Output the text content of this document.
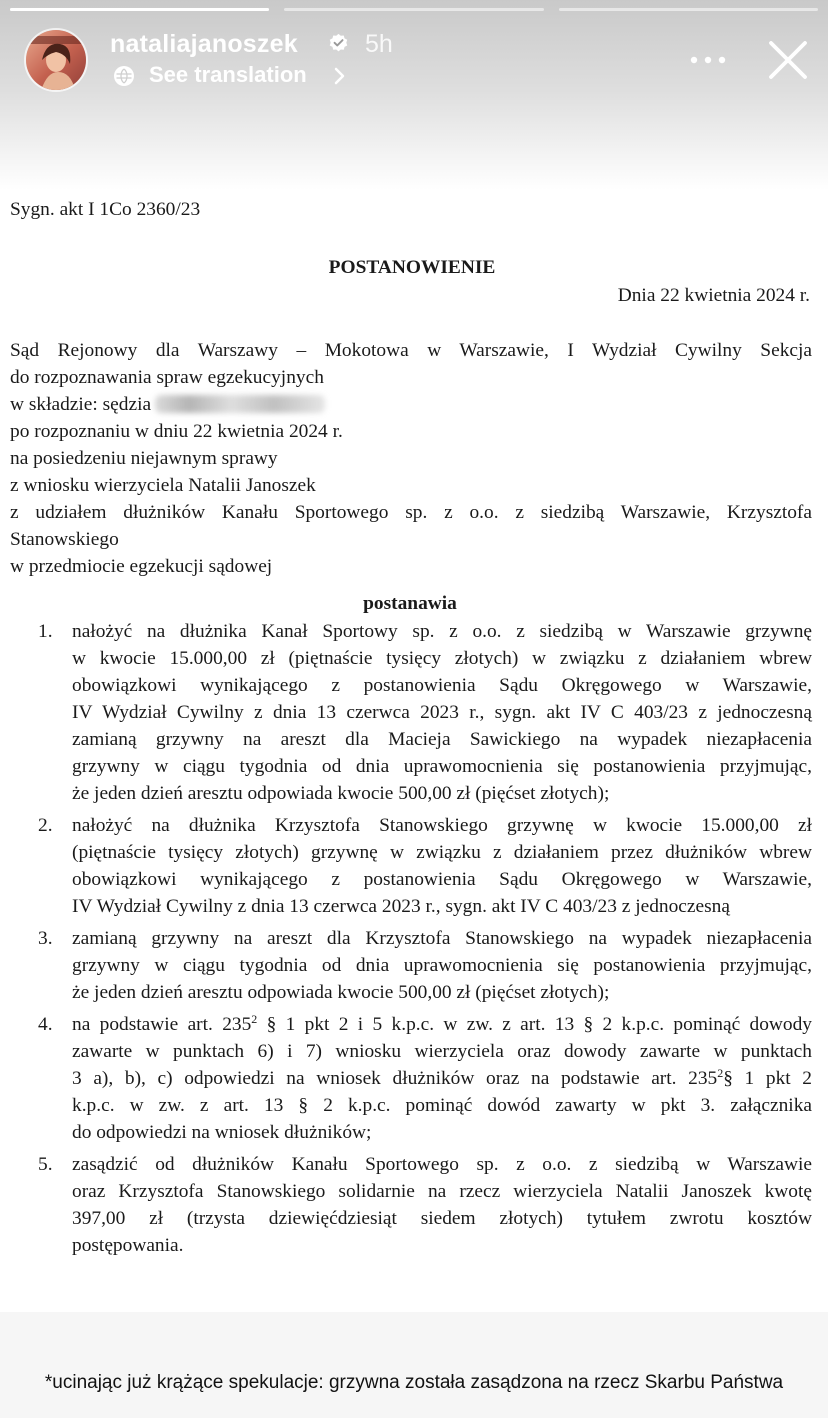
nataliajanoszek	5h
See translation
Sygn. akt I 1Co 2360/23
POSTANOWIENIE
Dnia 22 kwietnia 2024 r.
Sąd Rejonowy dla Warszawy – Mokotowa w Warszawie, I Wydział Cywilny Sekcja
do rozpoznawania spraw egzekucyjnych
w składzie: sędzia
po rozpoznaniu w dniu 22 kwietnia 2024 r.
na posiedzeniu niejawnym sprawy
z wniosku wierzyciela Natalii Janoszek
z udziałem dłużników Kanału Sportowego sp. z o.o. z siedzibą Warszawie, Krzysztofa
Stanowskiego
w przedmiocie egzekucji sądowej
postanawia
1. nałożyć na dłużnika Kanał Sportowy sp. z o.o. z siedzibą w Warszawie grzywnę
w kwocie 15.000,00 zł (piętnaście tysięcy złotych) w związku z działaniem wbrew
obowiązkowi wynikającego z postanowienia Sądu Okręgowego w Warszawie,
IV Wydział Cywilny z dnia 13 czerwca 2023 r., sygn. akt IV C 403/23 z jednoczesną
zamianą grzywny na areszt dla Macieja Sawickiego na wypadek niezapłacenia
grzywny w ciągu tygodnia od dnia uprawomocnienia się postanowienia przyjmując,
że jeden dzień aresztu odpowiada kwocie 500,00 zł (pięćset złotych);
2. nałożyć na dłużnika Krzysztofa Stanowskiego grzywnę w kwocie 15.000,00 zł
(piętnaście tysięcy złotych) grzywnę w związku z działaniem przez dłużników wbrew
obowiązkowi wynikającego z postanowienia Sądu Okręgowego w Warszawie,
IV Wydział Cywilny z dnia 13 czerwca 2023 r., sygn. akt IV C 403/23 z jednoczesną
3. zamianą grzywny na areszt dla Krzysztofa Stanowskiego na wypadek niezapłacenia
grzywny w ciągu tygodnia od dnia uprawomocnienia się postanowienia przyjmując,
że jeden dzień aresztu odpowiada kwocie 500,00 zł (pięćset złotych);
4. na podstawie art. $235^2$ § 1 pkt 2 i 5 k.p.c. w zw. z art. 13 § 2 k.p.c. pominąć dowody
zawarte w punktach 6) i 7) wniosku wierzyciela oraz dowody zawarte w punktach
3 a), b), c) odpowiedzi na wniosek dłużników oraz na podstawie art. $235^2\S$ 1 pkt 2
k.p.c. w zw. z art. 13 § 2 k.p.c. pominąć dowód zawarty w pkt 3. załącznika
do odpowiedzi na wniosek dłużników;
5. zasądzić od dłużników Kanału Sportowego sp. z o.o. z siedzibą w Warszawie
oraz Krzysztofa Stanowskiego solidarnie na rzecz wierzyciela Natalii Janoszek kwotę
397,00 zł (trzysta dziewięćdziesiąt siedem złotych) tytułem zwrotu kosztów
postępowania.
*ucinając już krążące spekulacje: grzywna została zasądzona na rzecz Skarbu Państwa
